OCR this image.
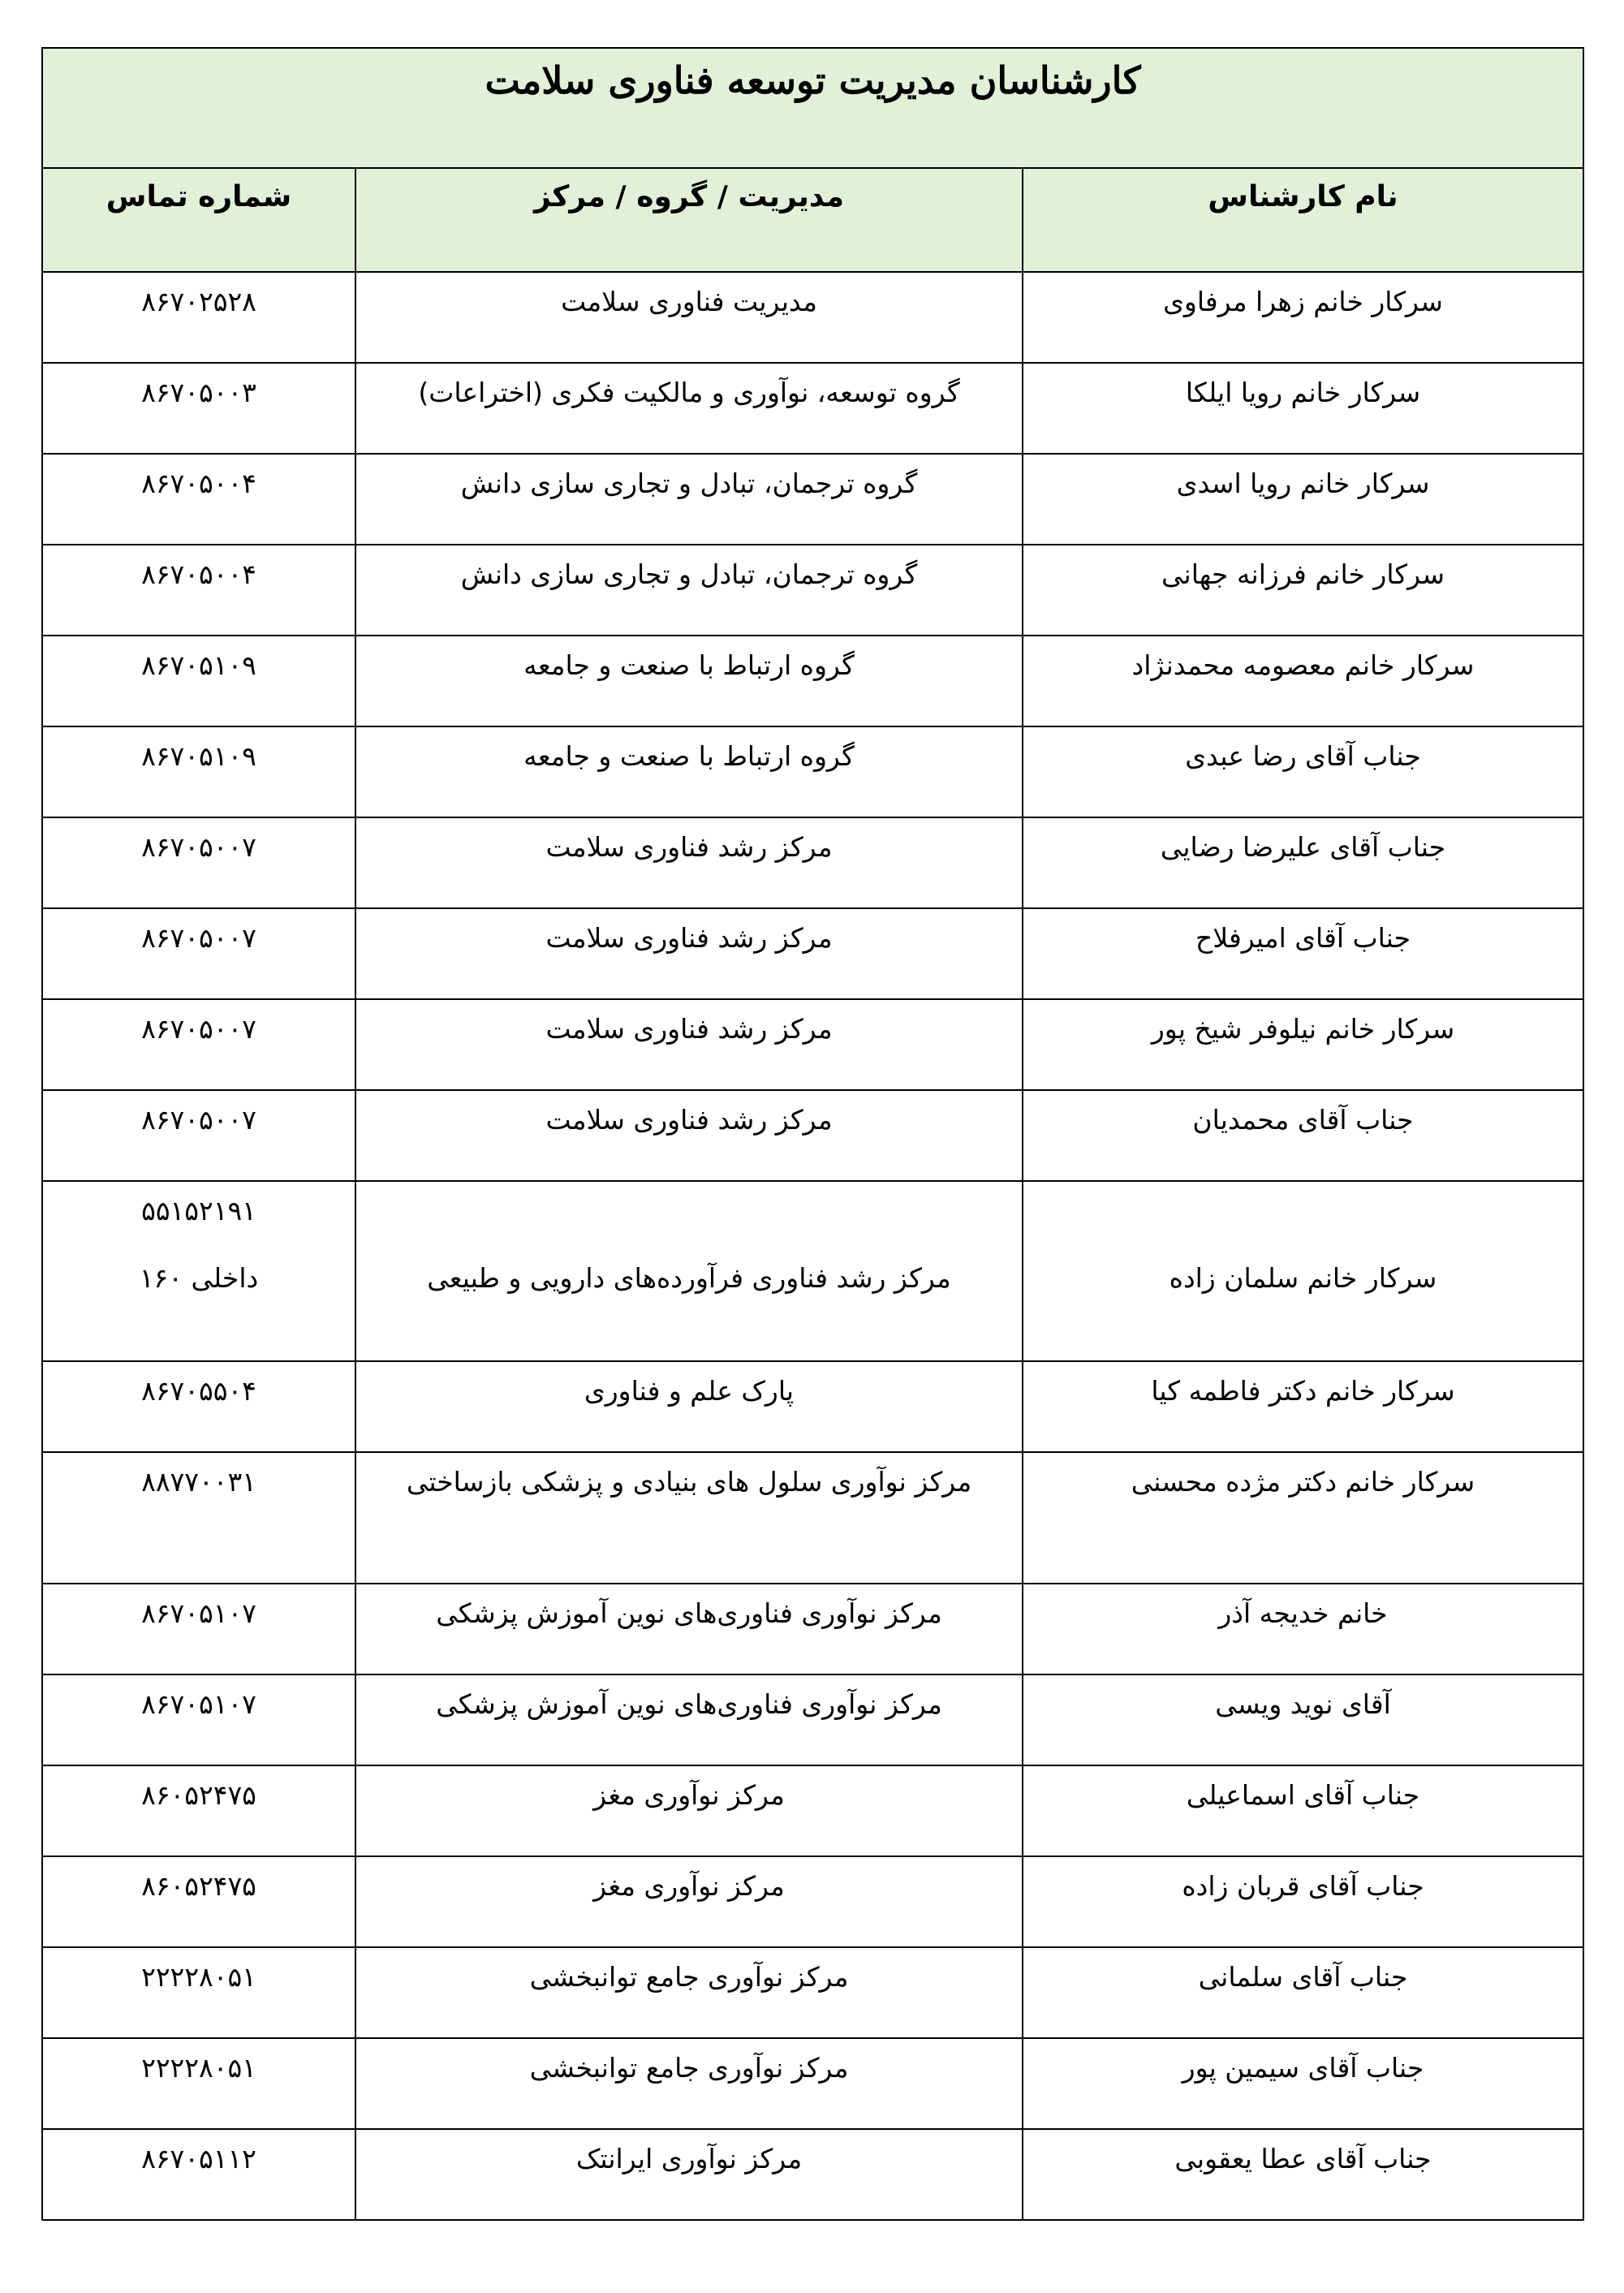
کارشناسان مدیریت توسعه فناوری سلامت		

نام کارشناس	مدیریت / گروه / مرکز	شماره تماس

سرکار خانم زهرا مرفاوی	مدیریت فناوری سلامت	۸۶۷۰۲۵۲۸

سرکار خانم رویا ایلکا	گروه توسعه، نوآوری و مالکیت فکری (اختراعات)	۸۶۷۰۵۰۰۳

سرکار خانم رویا اسدی	گروه ترجمان، تبادل و تجاری سازی دانش	۸۶۷۰۵۰۰۴

سرکار خانم فرزانه جهانی	گروه ترجمان، تبادل و تجاری سازی دانش	۸۶۷۰۵۰۰۴

سرکار خانم معصومه محمدنژاد	گروه ارتباط با صنعت و جامعه	۸۶۷۰۵۱۰۹

جناب آقای رضا عبدی	گروه ارتباط با صنعت و جامعه	۸۶۷۰۵۱۰۹

جناب آقای علیرضا رضایی	مرکز رشد فناوری سلامت	۸۶۷۰۵۰۰۷

جناب آقای امیرفلاح	مرکز رشد فناوری سلامت	۸۶۷۰۵۰۰۷

سرکار خانم نیلوفر شیخ پور	مرکز رشد فناوری سلامت	۸۶۷۰۵۰۰۷

جناب آقای محمدیان	مرکز رشد فناوری سلامت	۸۶۷۰۵۰۰۷

سرکار خانم سلمان زاده	مرکز رشد فناوری فرآورده‌های دارویی و طبیعی	۵۵۱۵۲۱۹۱
داخلی ۱۶۰

سرکار خانم دکتر فاطمه کیا	پارک علم و فناوری	۸۶۷۰۵۵۰۴

سرکار خانم دکتر مژده محسنی	مرکز نوآوری سلول های بنیادی و پزشکی بازساختی	۸۸۷۷۰۰۳۱

خانم خدیجه آذر	مرکز نوآوری فناوری‌های نوین آموزش پزشکی	۸۶۷۰۵۱۰۷

آقای نوید ویسی	مرکز نوآوری فناوری‌های نوین آموزش پزشکی	۸۶۷۰۵۱۰۷

جناب آقای اسماعیلی	مرکز نوآوری مغز	۸۶۰۵۲۴۷۵

جناب آقای قربان زاده	مرکز نوآوری مغز	۸۶۰۵۲۴۷۵

جناب آقای سلمانی	مرکز نوآوری جامع توانبخشی	۲۲۲۲۸۰۵۱

جناب آقای سیمین پور	مرکز نوآوری جامع توانبخشی	۲۲۲۲۸۰۵۱

جناب آقای عطا یعقوبی	مرکز نوآوری ایرانتک	۸۶۷۰۵۱۱۲
